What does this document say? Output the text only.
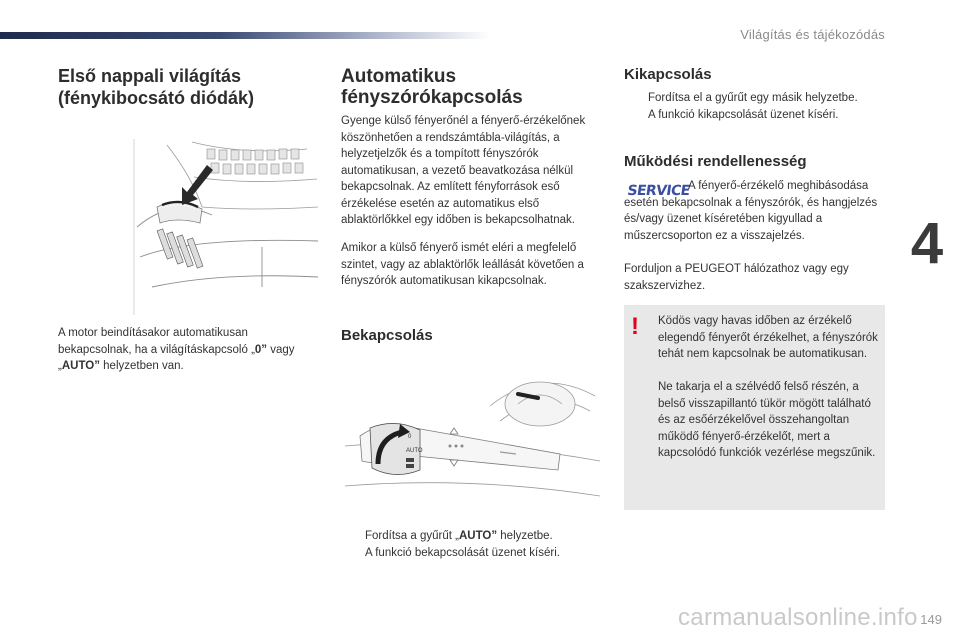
Világítás és tájékozódás
4
Első nappali világítás (fénykibocsátó diódák)

A motor beindításakor automatikusan bekapcsolnak, ha a világításkapcsoló „0” vagy „AUTO” helyzetben van.

Automatikus fényszórókapcsolás

Gyenge külső fényerőnél a fényerő-érzékelőnek köszönhetően a rendszámtábla-világítás, a helyzetjelzők és a tompított fényszórók automatikusan, a vezető beavatkozása nélkül bekapcsolnak. Az említett fényforrások eső érzékelése esetén az automatikus első ablaktörlőkkel egy időben is bekapcsolhatnak.

Amikor a külső fényerő ismét eléri a megfelelő szintet, vagy az ablaktörlők leállását követően a fényszórók automatikusan kikapcsolnak.

Bekapcsolás
AUTO
0
Fordítsa a gyűrűt „AUTO” helyzetbe.
A funkció bekapcsolását üzenet kíséri.
Kikapcsolás
Fordítsa el a gyűrűt egy másik helyzetbe.
A funkció kikapcsolását üzenet kíséri.
Működési rendellenesség
SERVICE

A fényerő-érzékelő meghibásodása esetén bekapcsolnak a fényszórók, és hangjelzés és/vagy üzenet kíséretében kigyullad a műszercsoporton ez a visszajelzés.

Forduljon a PEUGEOT hálózathoz vagy egy szakszervizhez.

! Ködös vagy havas időben az érzékelő elegendő fényerőt érzékelhet, a fényszórók tehát nem kapcsolnak be automatikusan.

Ne takarja el a szélvédő felső részén, a belső visszapillantó tükör mögött található és az esőérzékelővel összehangoltan működő fényerő-érzékelőt, mert a kapcsolódó funkciók vezérlése megszűnik.

149
carmanualsonline.info
